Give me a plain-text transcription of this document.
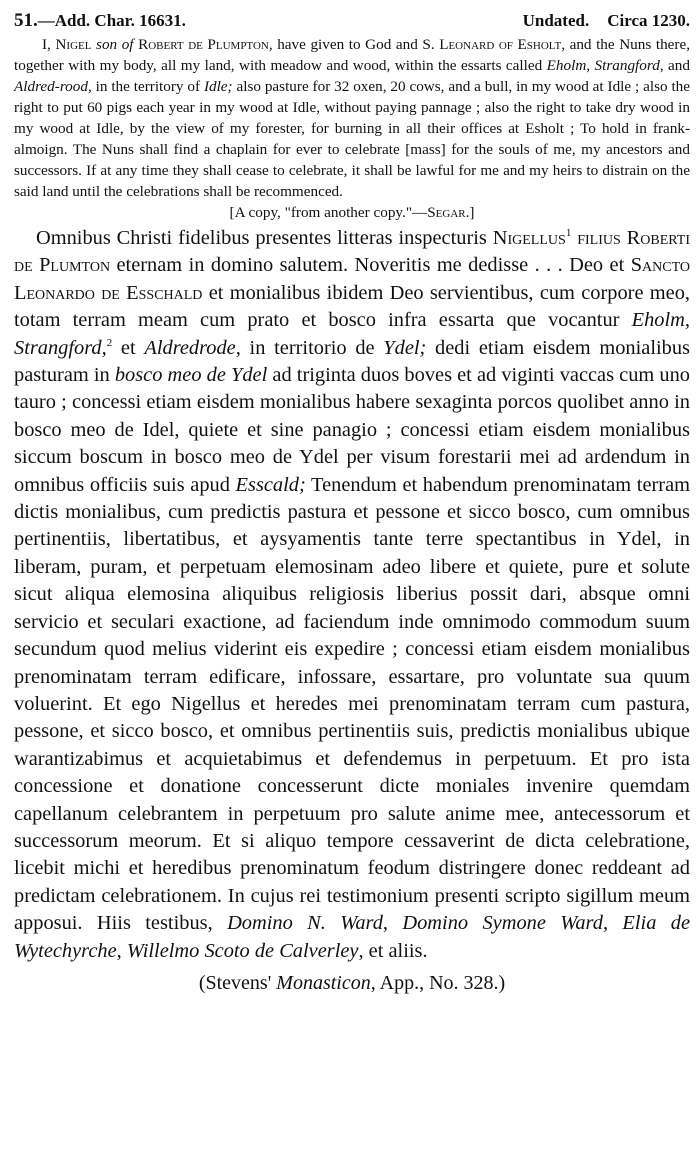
51.—Add. Char. 16631.	Undated. Circa 1230.

I, Nigel son of Robert de Plumpton, have given to God and S. Leonard of Esholt, and the Nuns there, together with my body, all my land, with meadow and wood, within the essarts called Eholm, Strangford, and Aldred-rood, in the territory of Idle; also pasture for 32 oxen, 20 cows, and a bull, in my wood at Idle ; also the right to put 60 pigs each year in my wood at Idle, without paying pannage ; also the right to take dry wood in my wood at Idle, by the view of my forester, for burning in all their offices at Esholt ; To hold in frank-almoign. The Nuns shall find a chaplain for ever to celebrate [mass] for the souls of me, my ancestors and successors. If at any time they shall cease to celebrate, it shall be lawful for me and my heirs to distrain on the said land until the celebrations shall be recommenced.

[A copy, "from another copy."—Segar.]

Omnibus Christi fidelibus presentes litteras inspecturis Nigellus$^1$ filius Roberti de Plumton eternam in domino salutem. Noveritis me dedisse . . . Deo et Sancto Leonardo de Esschald et monialibus ibidem Deo servientibus, cum corpore meo, totam terram meam cum prato et bosco infra essarta que vocantur Eholm, Strangford,$^2$ et Aldredrode, in territorio de Ydel; dedi etiam eisdem monialibus pasturam in bosco meo de Ydel ad triginta duos boves et ad viginti vaccas cum uno tauro ; concessi etiam eisdem monialibus habere sexaginta porcos quolibet anno in bosco meo de Idel, quiete et sine panagio ; concessi etiam eisdem monialibus siccum boscum in bosco meo de Ydel per visum forestarii mei ad ardendum in omnibus officiis suis apud Esscald; Tenendum et habendum prenominatam terram dictis monialibus, cum predictis pastura et pessone et sicco bosco, cum omnibus pertinentiis, libertatibus, et aysyamentis tante terre spectantibus in Ydel, in liberam, puram, et perpetuam elemosinam adeo libere et quiete, pure et solute sicut aliqua elemosina aliquibus religiosis liberius possit dari, absque omni servicio et seculari exactione, ad faciendum inde omnimodo commodum suum secundum quod melius viderint eis expedire ; concessi etiam eisdem monialibus prenominatam terram edificare, infossare, essartare, pro voluntate sua quum voluerint. Et ego Nigellus et heredes mei prenominatam terram cum pastura, pessone, et sicco bosco, et omnibus pertinentiis suis, predictis monialibus ubique warantizabimus et acquietabimus et defendemus in perpetuum. Et pro ista concessione et donatione concesserunt dicte moniales invenire quemdam capellanum celebrantem in perpetuum pro salute anime mee, antecessorum et successorum meorum. Et si aliquo tempore cessaverint de dicta celebratione, licebit michi et heredibus prenominatum feodum distringere donec reddeant ad predictam celebrationem. In cujus rei testimonium presenti scripto sigillum meum apposui. Hiis testibus, Domino N. Ward, Domino Symone Ward, Elia de Wytechyrche, Willelmo Scoto de Calverley, et aliis.

(Stevens' Monasticon, App., No. 328.)
